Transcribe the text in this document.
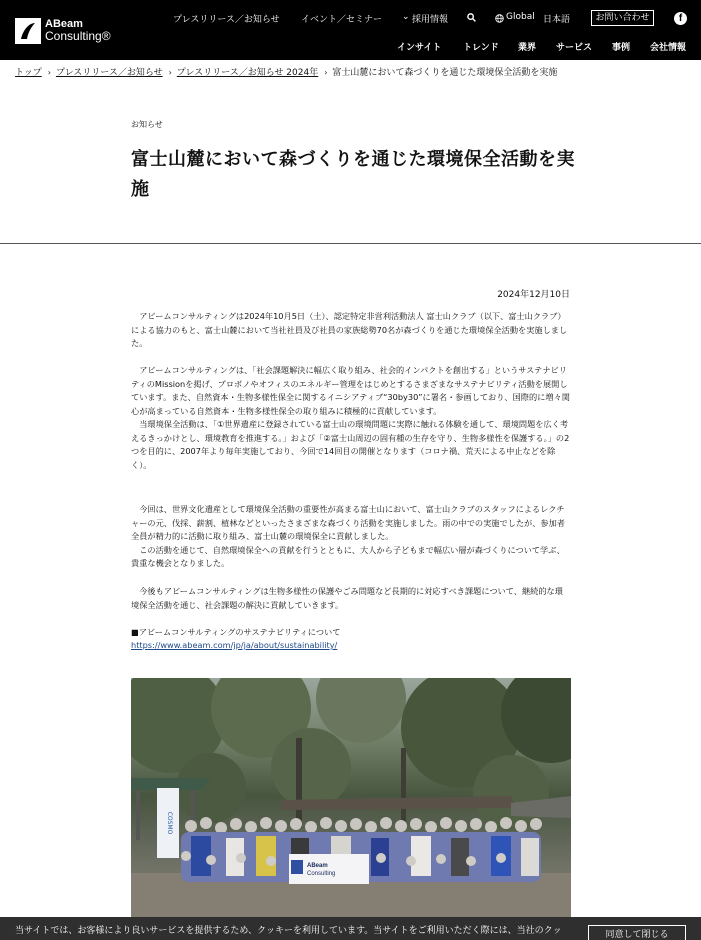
ABeam
Consulting®
プレスリリース／お知らせ イベント／セミナー ⌄ 採用情報	Global 日本語	お問い合わせ	f
インサイト トレンド 業界 サービス 事例 会社情報
トップ › プレスリリース／お知らせ › プレスリリース／お知らせ 2024年 › 富士山麓において森づくりを通じた環境保全活動を実施
お知らせ
富士山麓において森づくりを通じた環境保全活動を実施
2024年12月10日

　アビームコンサルティングは2024年10月5日（土）、認定特定非営利活動法人 富士山クラブ（以下、富士山クラブ）による協力のもと、富士山麓において当社社員及び社員の家族総勢70名が森づくりを通じた環境保全活動を実施しました。

　アビームコンサルティングは、「社会課題解決に幅広く取り組み、社会的インパクトを創出する」というサステナビリティのMissionを掲げ、プロボノやオフィスのエネルギー管理をはじめとするさまざまなサステナビリティ活動を展開しています。また、自然資本・生物多様性保全に関するイニシアティブ“30by30”に署名・参画しており、国際的に増々関心が高まっている自然資本・生物多様性保全の取り組みに積極的に貢献しています。
　当環境保全活動は、「①世界遺産に登録されている富士山の環境問題に実際に触れる体験を通して、環境問題を広く考えるきっかけとし、環境教育を推進する。」および「②富士山周辺の固有種の生存を守り、生物多様性を保護する。」の2つを目的に、2007年より毎年実施しており、今回で14回目の開催となります（コロナ禍、荒天による中止などを除く）。

　今回は、世界文化遺産として環境保全活動の重要性が高まる富士山において、富士山クラブのスタッフによるレクチャーの元、伐採、薪割、植林などといったさまざまな森づくり活動を実施しました。雨の中での実施でしたが、参加者全員が精力的に活動に取り組み、富士山麓の環境保全に貢献しました。
　この活動を通じて、自然環境保全への貢献を行うとともに、大人から子どもまで幅広い層が森づくりについて学ぶ、貴重な機会となりました。

　今後もアビームコンサルティングは生物多様性の保護やごみ問題など長期的に対応すべき課題について、継続的な環境保全活動を通じ、社会課題の解決に貢献していきます。

■アビームコンサルティングのサステナビリティについて

https://www.abeam.com/jp/ja/about/sustainability/
COSMO
ABeam
Consulting
当サイトでは、お客様により良いサービスを提供するため、クッキーを利用しています。当サイトをご利用いただく際には、当社のクッ	同意して閉じる
